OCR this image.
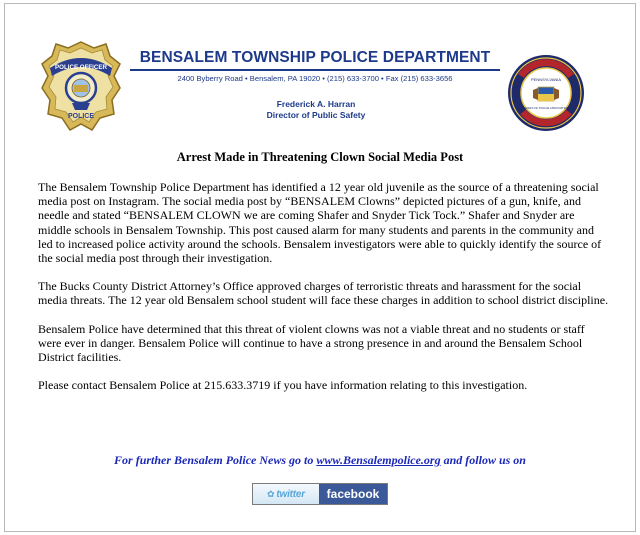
POLICE OFFICER
POLICE
BENSALEM TOWNSHIP POLICE DEPARTMENT
2400 Byberry Road • Bensalem, PA 19020 • (215) 633-3700 • Fax (215) 633-3656
Frederick A. Harran
Director of Public Safety
PENNSYLVANIA
CHIEFS OF POLICE ASSOCIATION
Arrest Made in Threatening Clown Social Media Post

The Bensalem Township Police Department has identified a 12 year old juvenile as the source of a threatening social media post on Instagram. The social media post by “BENSALEM Clowns” depicted pictures of a gun, knife, and needle and stated “BENSALEM CLOWN we are coming Shafer and Snyder Tick Tock.” Shafer and Snyder are middle schools in Bensalem Township. This post caused alarm for many students and parents in the community and led to increased police activity around the schools. Bensalem investigators were able to quickly identify the source of the social media post through their investigation.

The Bucks County District Attorney’s Office approved charges of terroristic threats and harassment for the social media threats. The 12 year old Bensalem school student will face these charges in addition to school district discipline.

Bensalem Police have determined that this threat of violent clowns was not a viable threat and no students or staff were ever in danger. Bensalem Police will continue to have a strong presence in and around the Bensalem School District facilities.

Please contact Bensalem Police at 215.633.3719 if you have information relating to this investigation.

For further Bensalem Police News go to www.Bensalempolice.org and follow us on
✿ twitter facebook
